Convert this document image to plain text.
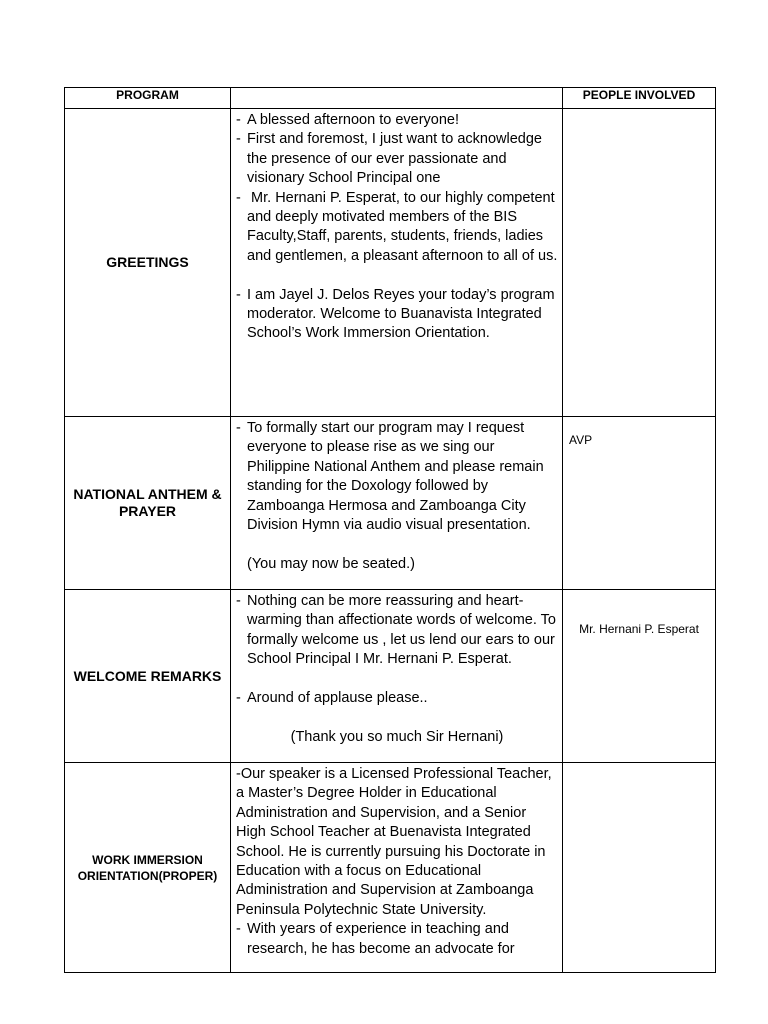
PROGRAM		PEOPLE INVOLVED
GREETINGS	- A blessed afternoon to everyone!

- First and foremost, I just want to acknowledge the presence of our ever passionate and visionary School Principal one

- Mr. Hernani P. Esperat, to our highly competent and deeply motivated members of the BIS Faculty,Staff, parents, students, friends, ladies and gentlemen, a pleasant afternoon to all of us.

- I am Jayel J. Delos Reyes your today’s program moderator. Welcome to Buanavista Integrated School’s Work Immersion Orientation.	

NATIONAL ANTHEM & PRAYER	- To formally start our program may I request everyone to please rise as we sing our Philippine National Anthem and please remain standing for the Doxology followed by Zamboanga Hermosa and Zamboanga City Division Hymn via audio visual presentation.

(You may now be seated.)	AVP
WELCOME REMARKS	- Nothing can be more reassuring and heart-warming than affectionate words of welcome. To formally welcome us , let us lend our ears to our School Principal I Mr. Hernani P. Esperat.

- Around of applause please..

(Thank you so much Sir Hernani)	Mr. Hernani P. Esperat
WORK IMMERSION ORIENTATION(PROPER)	-Our speaker is a Licensed Professional Teacher, a Master’s Degree Holder in Educational Administration and Supervision, and a Senior High School Teacher at Buenavista Integrated School. He is currently pursuing his Doctorate in Education with a focus on Educational Administration and Supervision at Zamboanga Peninsula Polytechnic State University.

- With years of experience in teaching and research, he has become an advocate for	
